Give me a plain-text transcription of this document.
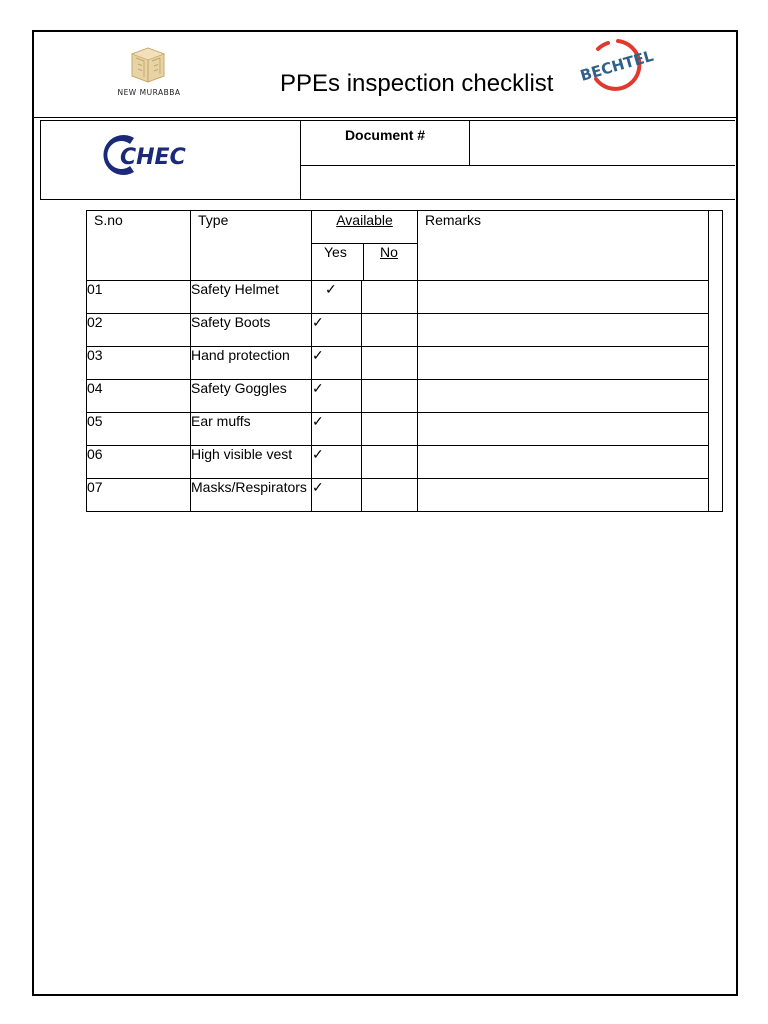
NEW MURABBA	PPEs inspection checklist BECHTEL
Document #
CHEC
S.no	Type	Available
Yes No		Remarks	

01	Safety Helmet	✓			
02	Safety Boots	✓			
03	Hand protection	✓			
04	Safety Goggles	✓			
05	Ear muffs	✓			
06	High visible vest	✓			
07	Masks/Respirators	✓			
